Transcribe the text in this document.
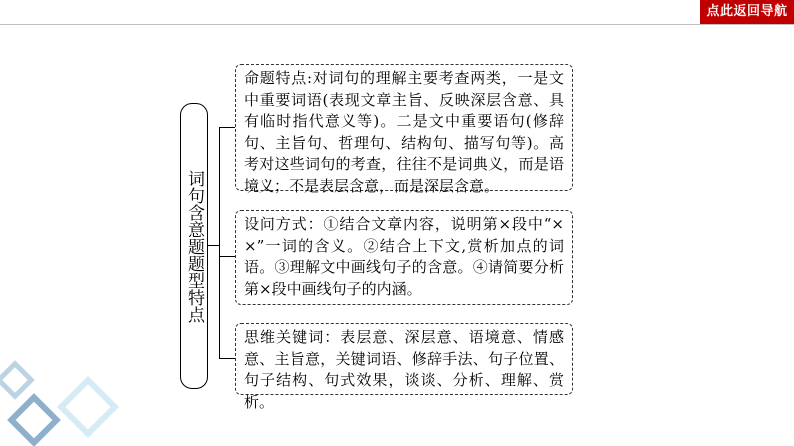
点此返回导航
词句含意题题型特点
命题特点:对词句的理解主要考查两类，一是文中重要词语(表现文章主旨、反映深层含意、具有临时指代意义等)。二是文中重要语句(修辞句、主旨句、哲理句、结构句、描写句等)。高考对这些词句的考查，往往不是词典义，而是语境义；不是表层含意，而是深层含意。
设问方式：①结合文章内容，说明第×段中“××”一词的含义。②结合上下文,赏析加点的词语。③理解文中画线句子的含意。④请简要分析第×段中画线句子的内涵。
思维关键词：表层意、深层意、语境意、情感意、主旨意，关键词语、修辞手法、句子位置、句子结构、句式效果，谈谈、分析、理解、赏析。
